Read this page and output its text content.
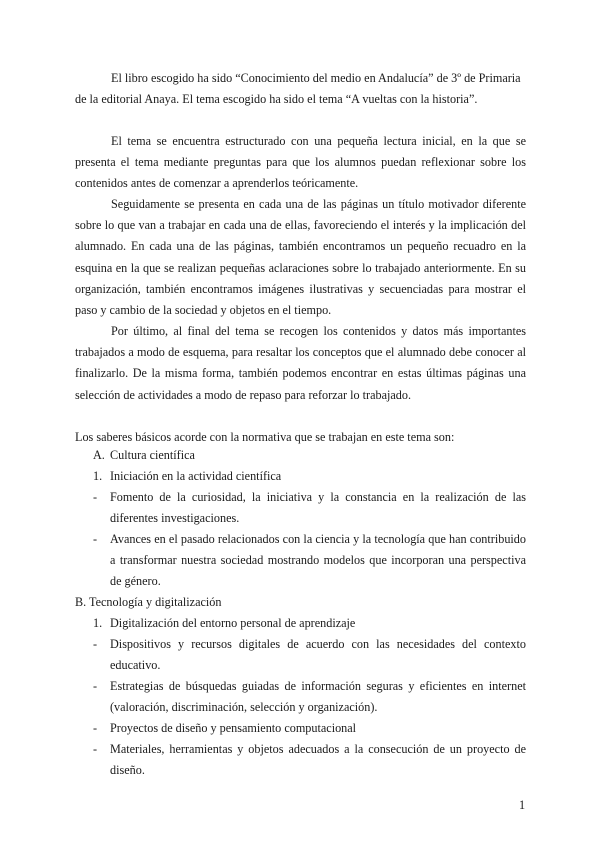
El libro escogido ha sido “Conocimiento del medio en Andalucía” de 3º de Primaria de la editorial Anaya. El tema escogido ha sido el tema “A vueltas con la historia”.

El tema se encuentra estructurado con una pequeña lectura inicial, en la que se presenta el tema mediante preguntas para que los alumnos puedan reflexionar sobre los contenidos antes de comenzar a aprenderlos teóricamente.

Seguidamente se presenta en cada una de las páginas un título motivador diferente sobre lo que van a trabajar en cada una de ellas, favoreciendo el interés y la implicación del alumnado. En cada una de las páginas, también encontramos un pequeño recuadro en la esquina en la que se realizan pequeñas aclaraciones sobre lo trabajado anteriormente. En su organización, también encontramos imágenes ilustrativas y secuenciadas para mostrar el paso y cambio de la sociedad y objetos en el tiempo.

Por último, al final del tema se recogen los contenidos y datos más importantes trabajados a modo de esquema, para resaltar los conceptos que el alumnado debe conocer al finalizarlo. De la misma forma, también podemos encontrar en estas últimas páginas una selección de actividades a modo de repaso para reforzar lo trabajado.

Los saberes básicos acorde con la normativa que se trabajan en este tema son:

A. Cultura científica
1. Iniciación en la actividad científica
-	Fomento de la curiosidad, la iniciativa y la constancia en la realización de las diferentes investigaciones.
-	Avances en el pasado relacionados con la ciencia y la tecnología que han contribuido a transformar nuestra sociedad mostrando modelos que incorporan una perspectiva de género.

B. Tecnología y digitalización

1. Digitalización del entorno personal de aprendizaje
-	Dispositivos y recursos digitales de acuerdo con las necesidades del contexto educativo.
-	Estrategias de búsquedas guiadas de información seguras y eficientes en internet (valoración, discriminación, selección y organización).
-	Proyectos de diseño y pensamiento computacional
-	Materiales, herramientas y objetos adecuados a la consecución de un proyecto de diseño.
1
